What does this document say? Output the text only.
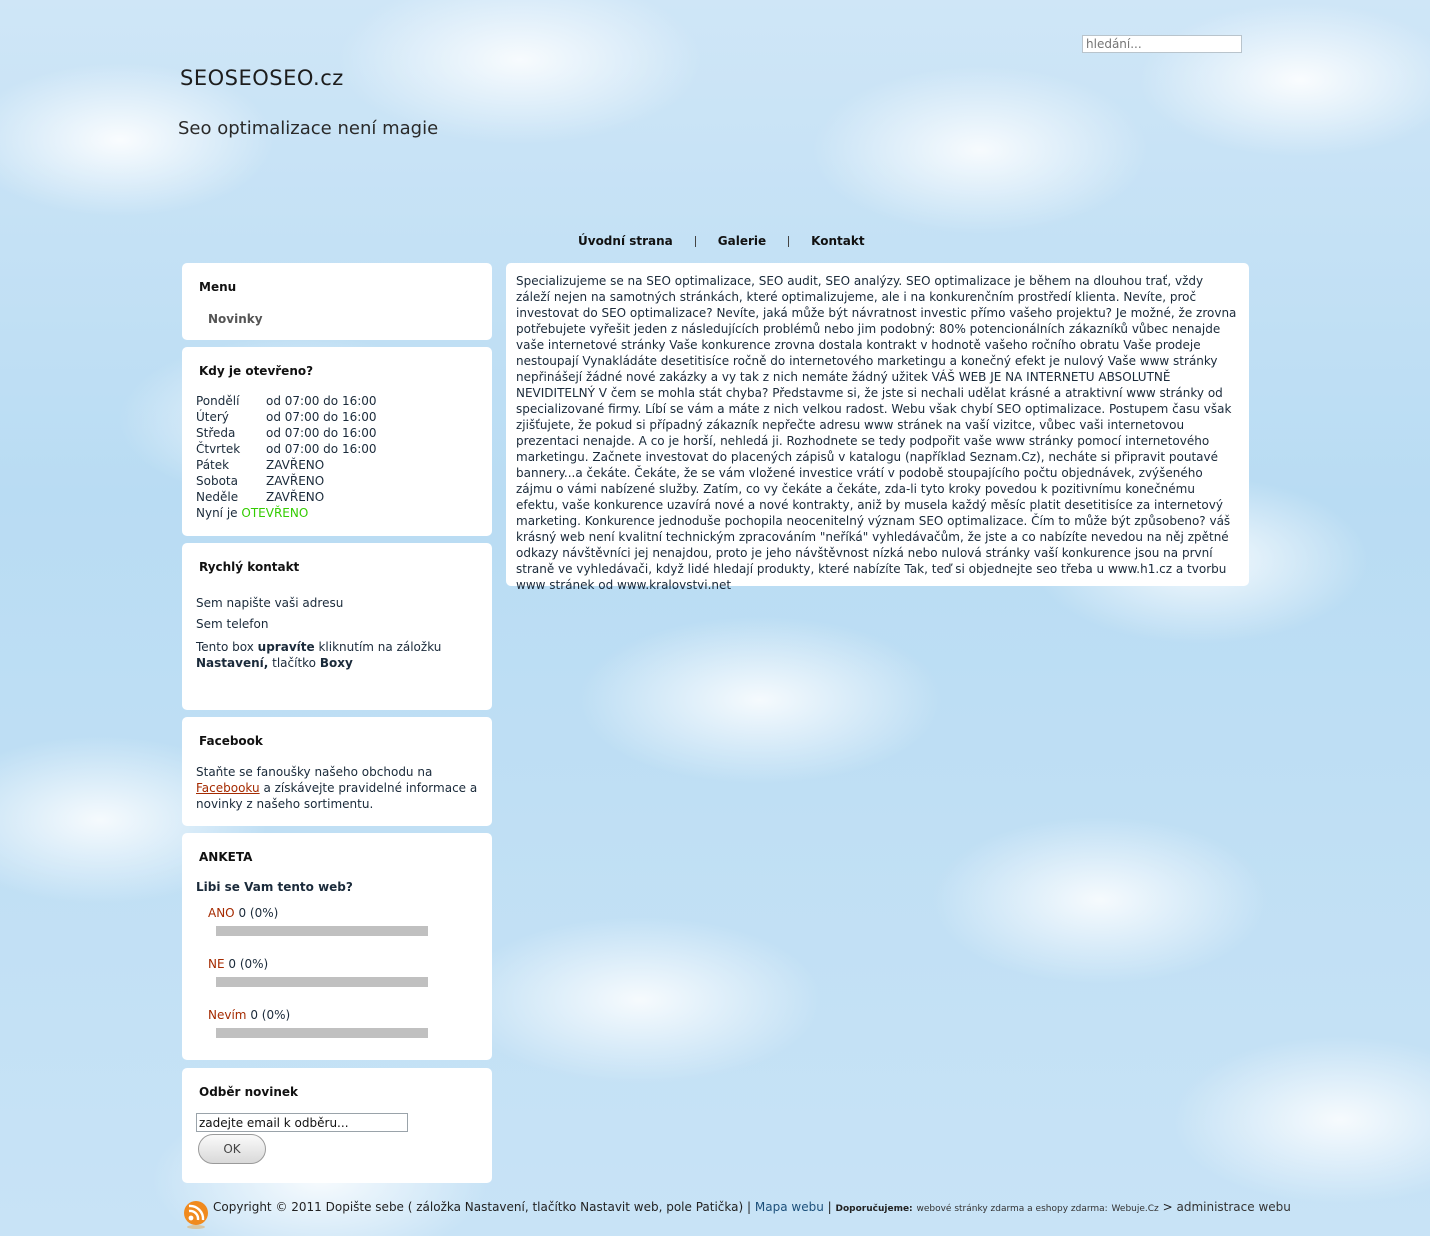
hledání...
SEOSEOSEO.cz
Seo optimalizace není magie
Úvodní strana	Galerie	Kontakt
Menu
Novinky
Kdy je otevřeno?
Pondělí	od 07:00 do 16:00
Úterý	od 07:00 do 16:00
Středa	od 07:00 do 16:00
Čtvrtek	od 07:00 do 16:00
Pátek	ZAVŘENO
Sobota	ZAVŘENO
Neděle	ZAVŘENO
Nyní je OTEVŘENO
Rychlý kontakt
Sem napište vaši adresu
Sem telefon
Tento box upravíte kliknutím na záložku Nastavení, tlačítko Boxy
Facebook
Staňte se fanoušky našeho obchodu na
Facebooku a získávejte pravidelné informace a novinky z našeho sortimentu.
ANKETA
Libi se Vam tento web?
ANO 0 (0%)
NE 0 (0%)
Nevím 0 (0%)
Odběr novinek
zadejte email k odběru... OK
Specializujeme se na SEO optimalizace, SEO audit, SEO analýzy. SEO optimalizace je během na dlouhou trať, vždy záleží nejen na samotných stránkách, které optimalizujeme, ale i na konkurenčním prostředí klienta. Nevíte, proč investovat do SEO optimalizace? Nevíte, jaká může být návratnost investic přímo vašeho projektu? Je možné, že zrovna potřebujete vyřešit jeden z následujících problémů nebo jim podobný: 80% potencionálních zákazníků vůbec nenajde vaše internetové stránky Vaše konkurence zrovna dostala kontrakt v hodnotě vašeho ročního obratu Vaše prodeje nestoupají Vynakládáte desetitisíce ročně do internetového marketingu a konečný efekt je nulový Vaše www stránky nepřinášejí žádné nové zakázky a vy tak z nich nemáte žádný užitek VÁŠ WEB JE NA INTERNETU ABSOLUTNĚ NEVIDITELNÝ V čem se mohla stát chyba? Představme si, že jste si nechali udělat krásné a atraktivní www stránky od specializované firmy. Líbí se vám a máte z nich velkou radost. Webu však chybí SEO optimalizace. Postupem času však zjišťujete, že pokud si případný zákazník nepřečte adresu www stránek na vaší vizitce, vůbec vaši internetovou prezentaci nenajde. A co je horší, nehledá ji. Rozhodnete se tedy podpořit vaše www stránky pomocí internetového marketingu. Začnete investovat do placených zápisů v katalogu (například Seznam.Cz), necháte si připravit poutavé bannery...a čekáte. Čekáte, že se vám vložené investice vrátí v podobě stoupajícího počtu objednávek, zvýšeného zájmu o vámi nabízené služby. Zatím, co vy čekáte a čekáte, zda-li tyto kroky povedou k pozitivnímu konečnému efektu, vaše konkurence uzavírá nové a nové kontrakty, aniž by musela každý měsíc platit desetitisíce za internetový marketing. Konkurence jednoduše pochopila neocenitelný význam SEO optimalizace. Čím to může být způsobeno? váš krásný web není kvalitní technickým zpracováním "neříká" vyhledávačům, že jste a co nabízíte nevedou na něj zpětné odkazy návštěvníci jej nenajdou, proto je jeho návštěvnost nízká nebo nulová stránky vaší konkurence jsou na první straně ve vyhledávači, když lidé hledají produkty, které nabízíte Tak, teď si objednejte seo třeba u www.h1.cz a tvorbu www stránek od www.kralovstvi.net
Copyright © 2011 Dopište sebe ( záložka Nastavení, tlačítko Nastavit web, pole Patička) | Mapa webu | Doporučujeme: webové stránky zdarma a eshopy zdarma: Webuje.Cz > administrace webu
